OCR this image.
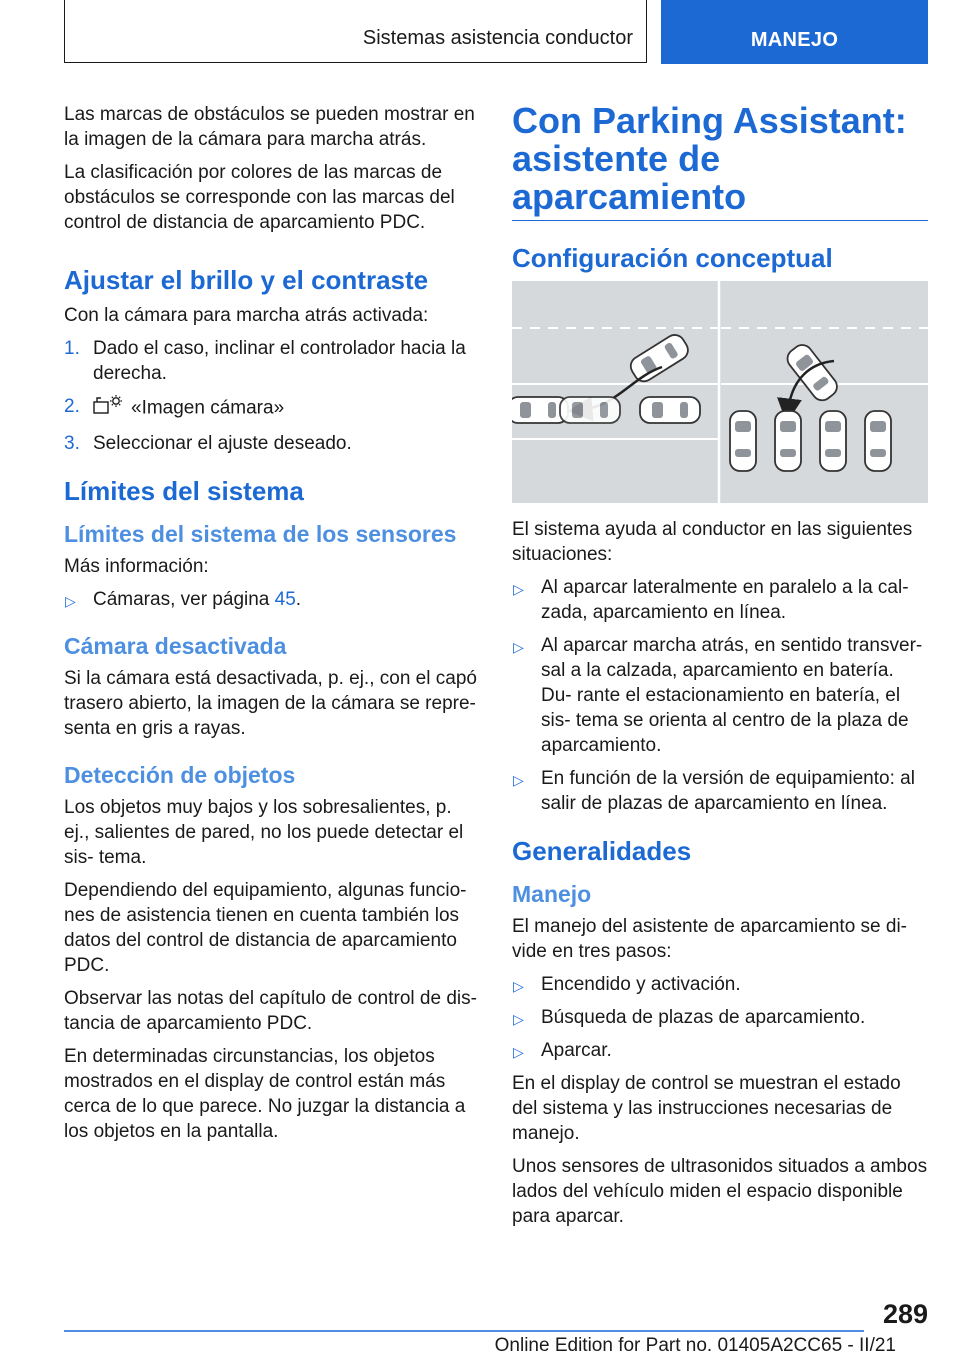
Sistemas asistencia conductor	MANEJO

Las marcas de obstáculos se pueden mostrar en la imagen de la cámara para marcha atrás.

La clasificación por colores de las marcas de obstáculos se corresponde con las marcas del control de distancia de aparcamiento PDC.

Ajustar el brillo y el contraste

Con la cámara para marcha atrás activada:

1. Dado el caso, inclinar el controlador hacia la derecha.
2.	«Imagen cámara»
3. Seleccionar el ajuste deseado.
Límites del sistema
Límites del sistema de los sensores

Más información:

▷ Cámaras, ver página 45.
Cámara desactivada

Si la cámara está desactivada, p. ej., con el capó trasero abierto, la imagen de la cámara se repre- senta en gris a rayas.

Detección de objetos

Los objetos muy bajos y los sobresalientes, p. ej., salientes de pared, no los puede detectar el sis- tema.

Dependiendo del equipamiento, algunas funcio- nes de asistencia tienen en cuenta también los datos del control de distancia de aparcamiento PDC.

Observar las notas del capítulo de control de dis- tancia de aparcamiento PDC.

En determinadas circunstancias, los objetos mostrados en el display de control están más cerca de lo que parece. No juzgar la distancia a los objetos en la pantalla.

Con Parking Assistant: asistente de aparcamiento
Configuración conceptual

El sistema ayuda al conductor en las siguientes situaciones:

▷ Al aparcar lateralmente en paralelo a la cal- zada, aparcamiento en línea.
▷ Al aparcar marcha atrás, en sentido transver- sal a la calzada, aparcamiento en batería. Du- rante el estacionamiento en batería, el sis- tema se orienta al centro de la plaza de aparcamiento.
▷ En función de la versión de equipamiento: al salir de plazas de aparcamiento en línea.
Generalidades
Manejo

El manejo del asistente de aparcamiento se di- vide en tres pasos:

▷ Encendido y activación.
▷ Búsqueda de plazas de aparcamiento.
▷ Aparcar.

En el display de control se muestran el estado del sistema y las instrucciones necesarias de manejo.

Unos sensores de ultrasonidos situados a ambos lados del vehículo miden el espacio disponible para aparcar.

289
Online Edition for Part no. 01405A2CC65 - II/21
